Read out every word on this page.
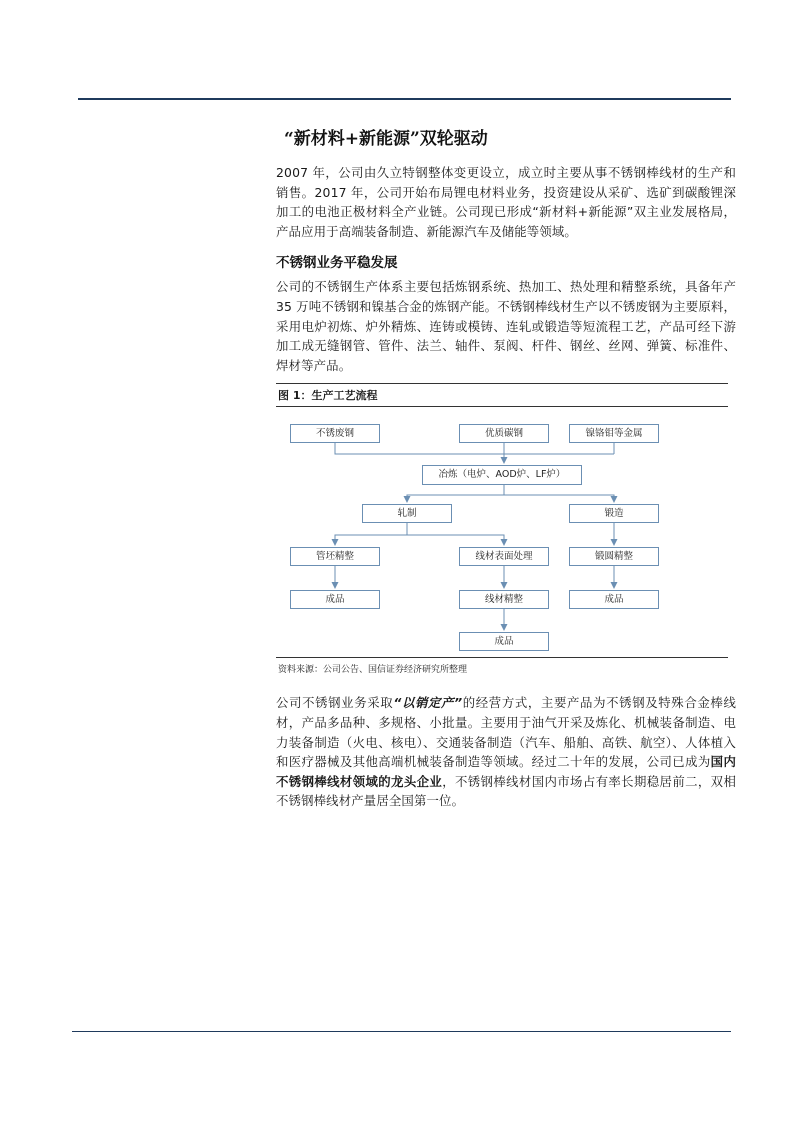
“新材料+新能源”双轮驱动

2007 年，公司由久立特钢整体变更设立，成立时主要从事不锈钢棒线材的生产和销售。2017 年，公司开始布局锂电材料业务，投资建设从采矿、选矿到碳酸锂深加工的电池正极材料全产业链。公司现已形成“新材料+新能源”双主业发展格局，产品应用于高端装备制造、新能源汽车及储能等领域。

不锈钢业务平稳发展

公司的不锈钢生产体系主要包括炼钢系统、热加工、热处理和精整系统，具备年产 35 万吨不锈钢和镍基合金的炼钢产能。不锈钢棒线材生产以不锈废钢为主要原料，采用电炉初炼、炉外精炼、连铸或模铸、连轧或锻造等短流程工艺，产品可经下游加工成无缝钢管、管件、法兰、轴件、泵阀、杆件、钢丝、丝网、弹簧、标准件、焊材等产品。

图 1：生产工艺流程
不锈废钢	优质碳钢	镍铬钼等金属
冶炼（电炉、AOD炉、LF炉）
轧制	锻造
管坯精整	线材表面处理	锻圆精整
成品	线材精整	成品
成品
资料来源：公司公告、国信证券经济研究所整理

公司不锈钢业务采取“以销定产”的经营方式，主要产品为不锈钢及特殊合金棒线材，产品多品种、多规格、小批量。主要用于油气开采及炼化、机械装备制造、电力装备制造（火电、核电）、交通装备制造（汽车、船舶、高铁、航空）、人体植入和医疗器械及其他高端机械装备制造等领域。经过二十年的发展，公司已成为国内不锈钢棒线材领域的龙头企业，不锈钢棒线材国内市场占有率长期稳居前二，双相不锈钢棒线材产量居全国第一位。
